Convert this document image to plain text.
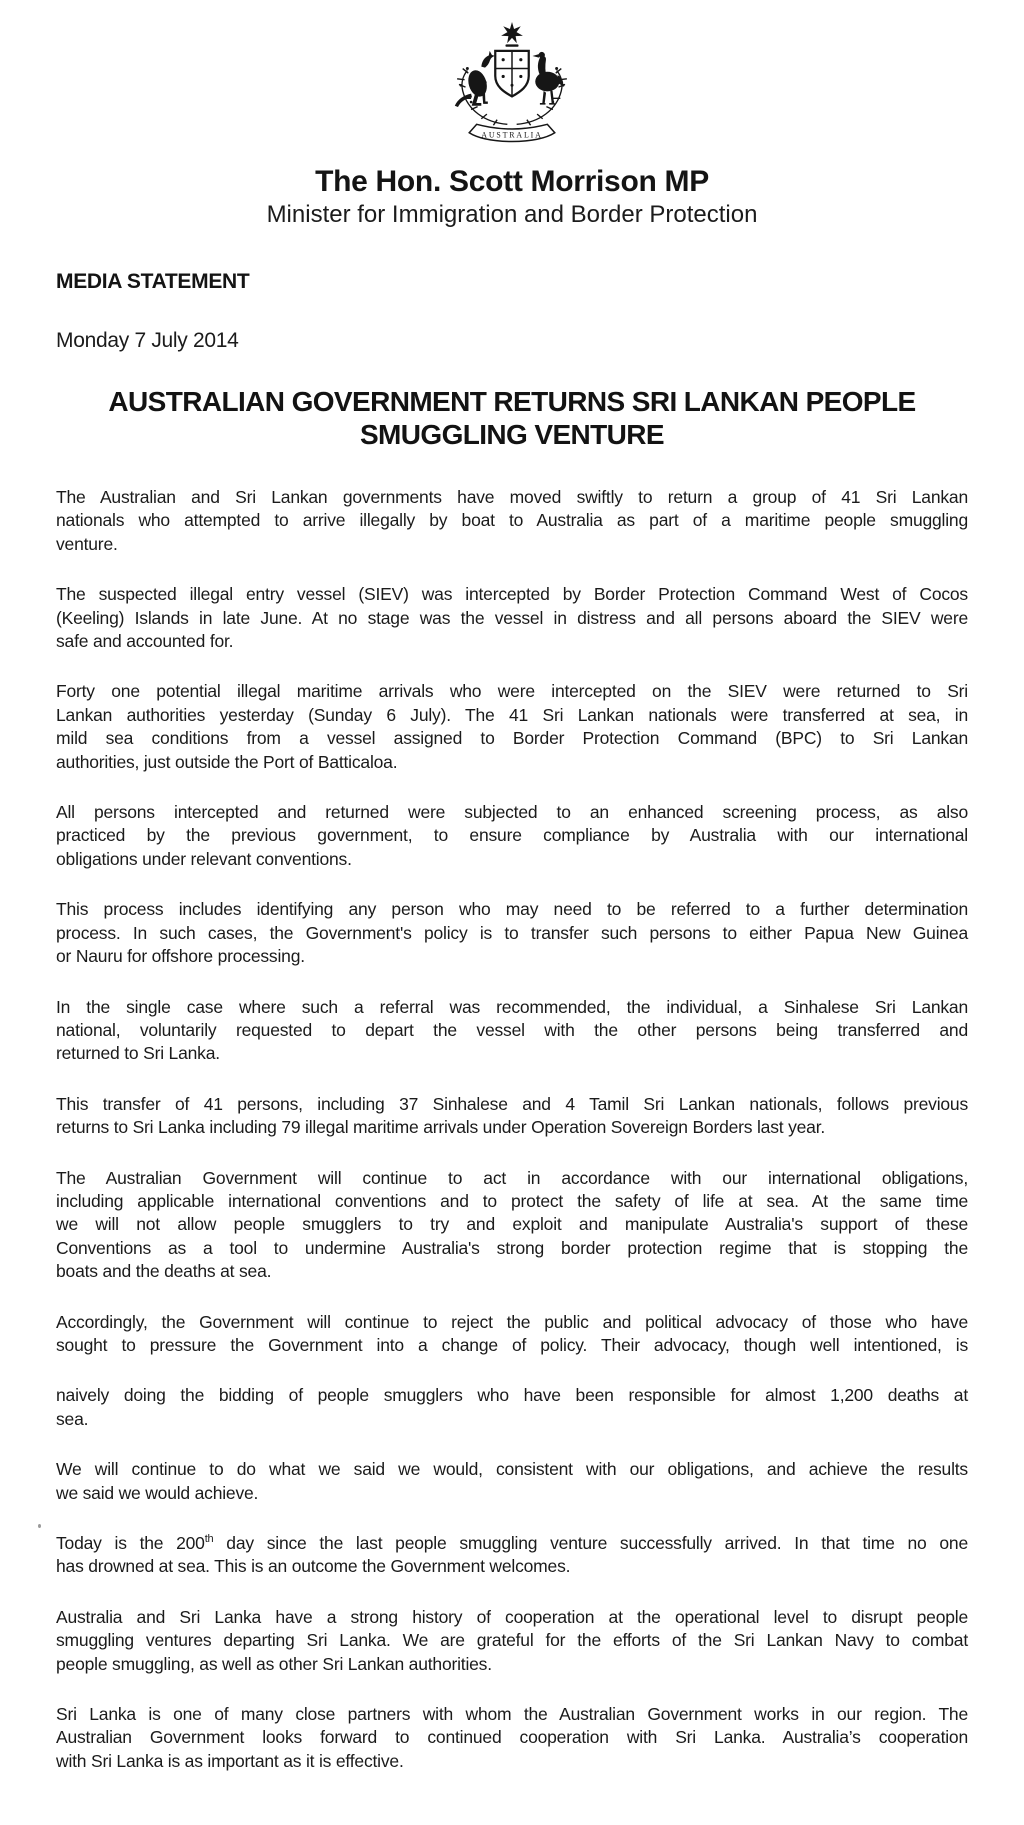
AUSTRALIA
The Hon. Scott Morrison MP
Minister for Immigration and Border Protection
MEDIA STATEMENT
Monday 7 July 2014
AUSTRALIAN GOVERNMENT RETURNS SRI LANKAN PEOPLE
SMUGGLING VENTURE
The Australian and Sri Lankan governments have moved swiftly to return a group of 41 Sri Lankan
nationals who attempted to arrive illegally by boat to Australia as part of a maritime people smuggling
venture.
The suspected illegal entry vessel (SIEV) was intercepted by Border Protection Command West of Cocos
(Keeling) Islands in late June. At no stage was the vessel in distress and all persons aboard the SIEV were
safe and accounted for.
Forty one potential illegal maritime arrivals who were intercepted on the SIEV were returned to Sri
Lankan authorities yesterday (Sunday 6 July). The 41 Sri Lankan nationals were transferred at sea, in
mild sea conditions from a vessel assigned to Border Protection Command (BPC) to Sri Lankan
authorities, just outside the Port of Batticaloa.
All persons intercepted and returned were subjected to an enhanced screening process, as also
practiced by the previous government, to ensure compliance by Australia with our international
obligations under relevant conventions.
This process includes identifying any person who may need to be referred to a further determination
process. In such cases, the Government's policy is to transfer such persons to either Papua New Guinea
or Nauru for offshore processing.
In the single case where such a referral was recommended, the individual, a Sinhalese Sri Lankan
national, voluntarily requested to depart the vessel with the other persons being transferred and
returned to Sri Lanka.
This transfer of 41 persons, including 37 Sinhalese and 4 Tamil Sri Lankan nationals, follows previous
returns to Sri Lanka including 79 illegal maritime arrivals under Operation Sovereign Borders last year.
The Australian Government will continue to act in accordance with our international obligations,
including applicable international conventions and to protect the safety of life at sea. At the same time
we will not allow people smugglers to try and exploit and manipulate Australia's support of these
Conventions as a tool to undermine Australia's strong border protection regime that is stopping the
boats and the deaths at sea.
Accordingly, the Government will continue to reject the public and political advocacy of those who have
sought to pressure the Government into a change of policy. Their advocacy, though well intentioned, is
naively doing the bidding of people smugglers who have been responsible for almost 1,200 deaths at
sea.
We will continue to do what we said we would, consistent with our obligations, and achieve the results
we said we would achieve.
Today is the 200th day since the last people smuggling venture successfully arrived. In that time no one
has drowned at sea. This is an outcome the Government welcomes.
Australia and Sri Lanka have a strong history of cooperation at the operational level to disrupt people
smuggling ventures departing Sri Lanka. We are grateful for the efforts of the Sri Lankan Navy to combat
people smuggling, as well as other Sri Lankan authorities.
Sri Lanka is one of many close partners with whom the Australian Government works in our region. The
Australian Government looks forward to continued cooperation with Sri Lanka. Australia’s cooperation
with Sri Lanka is as important as it is effective.
